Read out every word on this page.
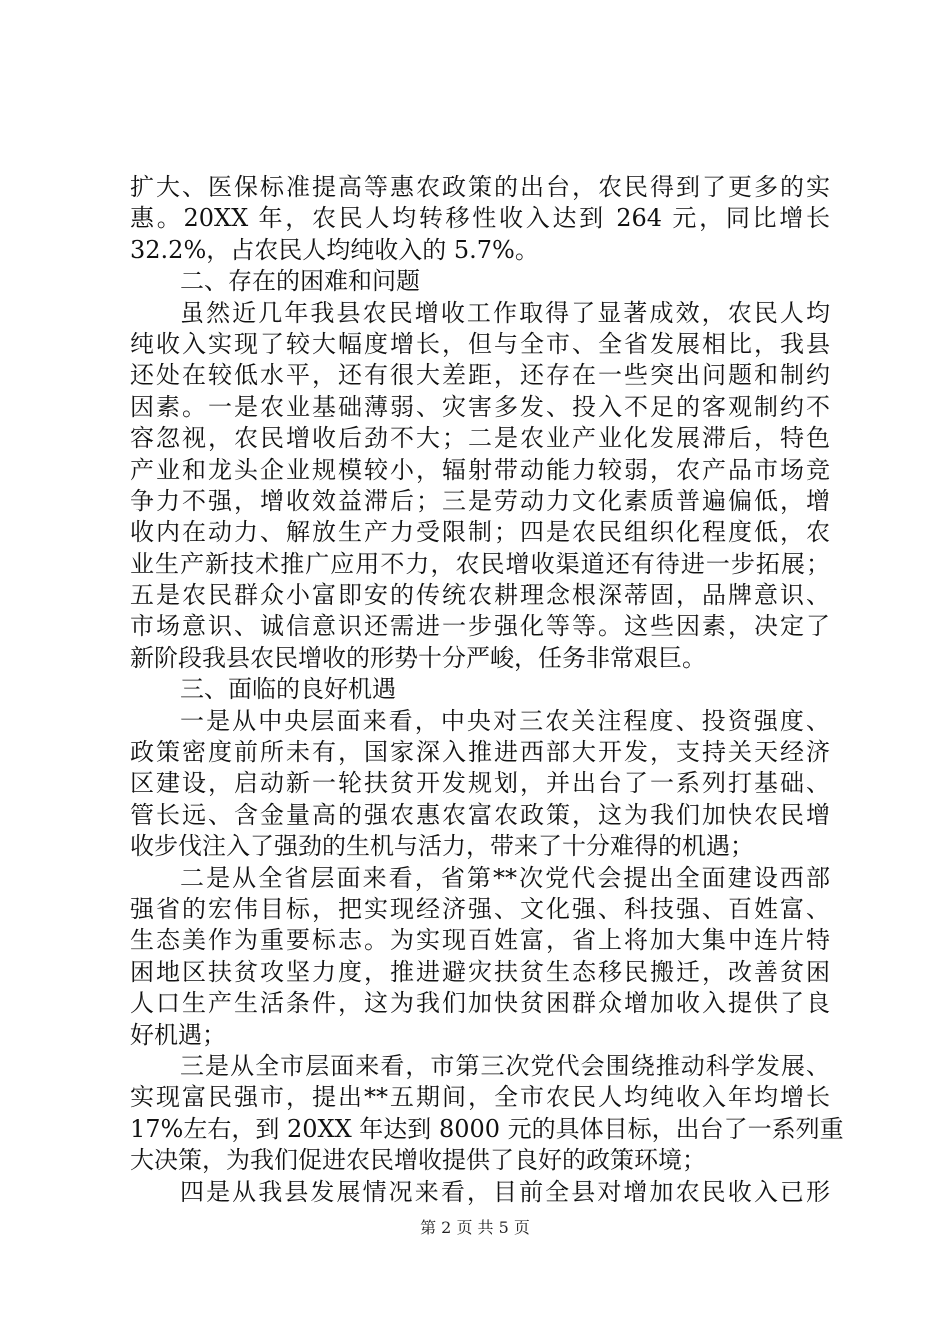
扩大、医保标准提高等惠农政策的出台，农民得到了更多的实
惠。20XX 年，农民人均转移性收入达到 264 元，同比增长
32.2%，占农民人均纯收入的 5.7%。
二、存在的困难和问题
虽然近几年我县农民增收工作取得了显著成效，农民人均
纯收入实现了较大幅度增长，但与全市、全省发展相比，我县
还处在较低水平，还有很大差距，还存在一些突出问题和制约
因素。一是农业基础薄弱、灾害多发、投入不足的客观制约不
容忽视，农民增收后劲不大；二是农业产业化发展滞后，特色
产业和龙头企业规模较小，辐射带动能力较弱，农产品市场竞
争力不强，增收效益滞后；三是劳动力文化素质普遍偏低，增
收内在动力、解放生产力受限制；四是农民组织化程度低，农
业生产新技术推广应用不力，农民增收渠道还有待进一步拓展；
五是农民群众小富即安的传统农耕理念根深蒂固，品牌意识、
市场意识、诚信意识还需进一步强化等等。这些因素，决定了
新阶段我县农民增收的形势十分严峻，任务非常艰巨。
三、面临的良好机遇
一是从中央层面来看，中央对三农关注程度、投资强度、
政策密度前所未有，国家深入推进西部大开发，支持关天经济
区建设，启动新一轮扶贫开发规划，并出台了一系列打基础、
管长远、含金量高的强农惠农富农政策，这为我们加快农民增
收步伐注入了强劲的生机与活力，带来了十分难得的机遇；
二是从全省层面来看，省第**次党代会提出全面建设西部
强省的宏伟目标，把实现经济强、文化强、科技强、百姓富、
生态美作为重要标志。为实现百姓富，省上将加大集中连片特
困地区扶贫攻坚力度，推进避灾扶贫生态移民搬迁，改善贫困
人口生产生活条件，这为我们加快贫困群众增加收入提供了良
好机遇；
三是从全市层面来看，市第三次党代会围绕推动科学发展、
实现富民强市，提出**五期间，全市农民人均纯收入年均增长
17%左右，到 20XX 年达到 8000 元的具体目标，出台了一系列重
大决策，为我们促进农民增收提供了良好的政策环境；
四是从我县发展情况来看，目前全县对增加农民收入已形
第 2 页 共 5 页
